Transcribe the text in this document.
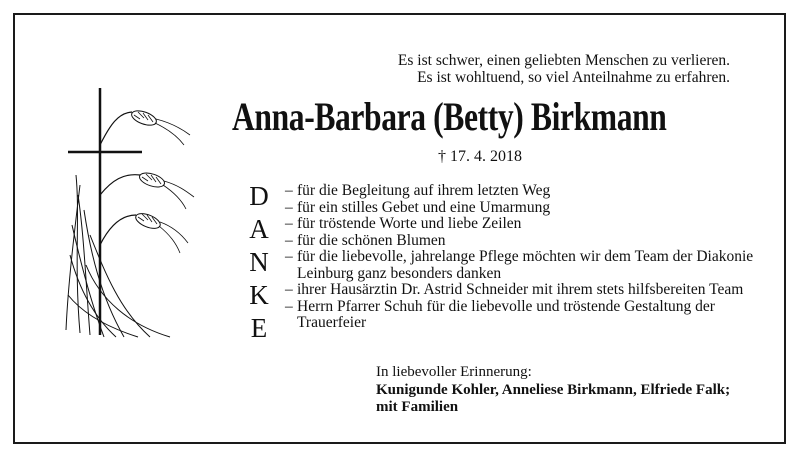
Es ist schwer, einen geliebten Menschen zu verlieren.
Es ist wohltuend, so viel Anteilnahme zu erfahren.
Anna-Barbara (Betty) Birkmann
† 17. 4. 2018
D
A
N
K
E
– für die Begleitung auf ihrem letzten Weg
– für ein stilles Gebet und eine Umarmung
– für tröstende Worte und liebe Zeilen
– für die schönen Blumen
– für die liebevolle, jahrelange Pflege möchten wir dem Team der Diakonie Leinburg ganz besonders danken
– ihrer Hausärztin Dr. Astrid Schneider mit ihrem stets hilfsbereiten Team
– Herrn Pfarrer Schuh für die liebevolle und tröstende Gestaltung der Trauerfeier
In liebevoller Erinnerung:
Kunigunde Kohler, Anneliese Birkmann, Elfriede Falk;
mit Familien
